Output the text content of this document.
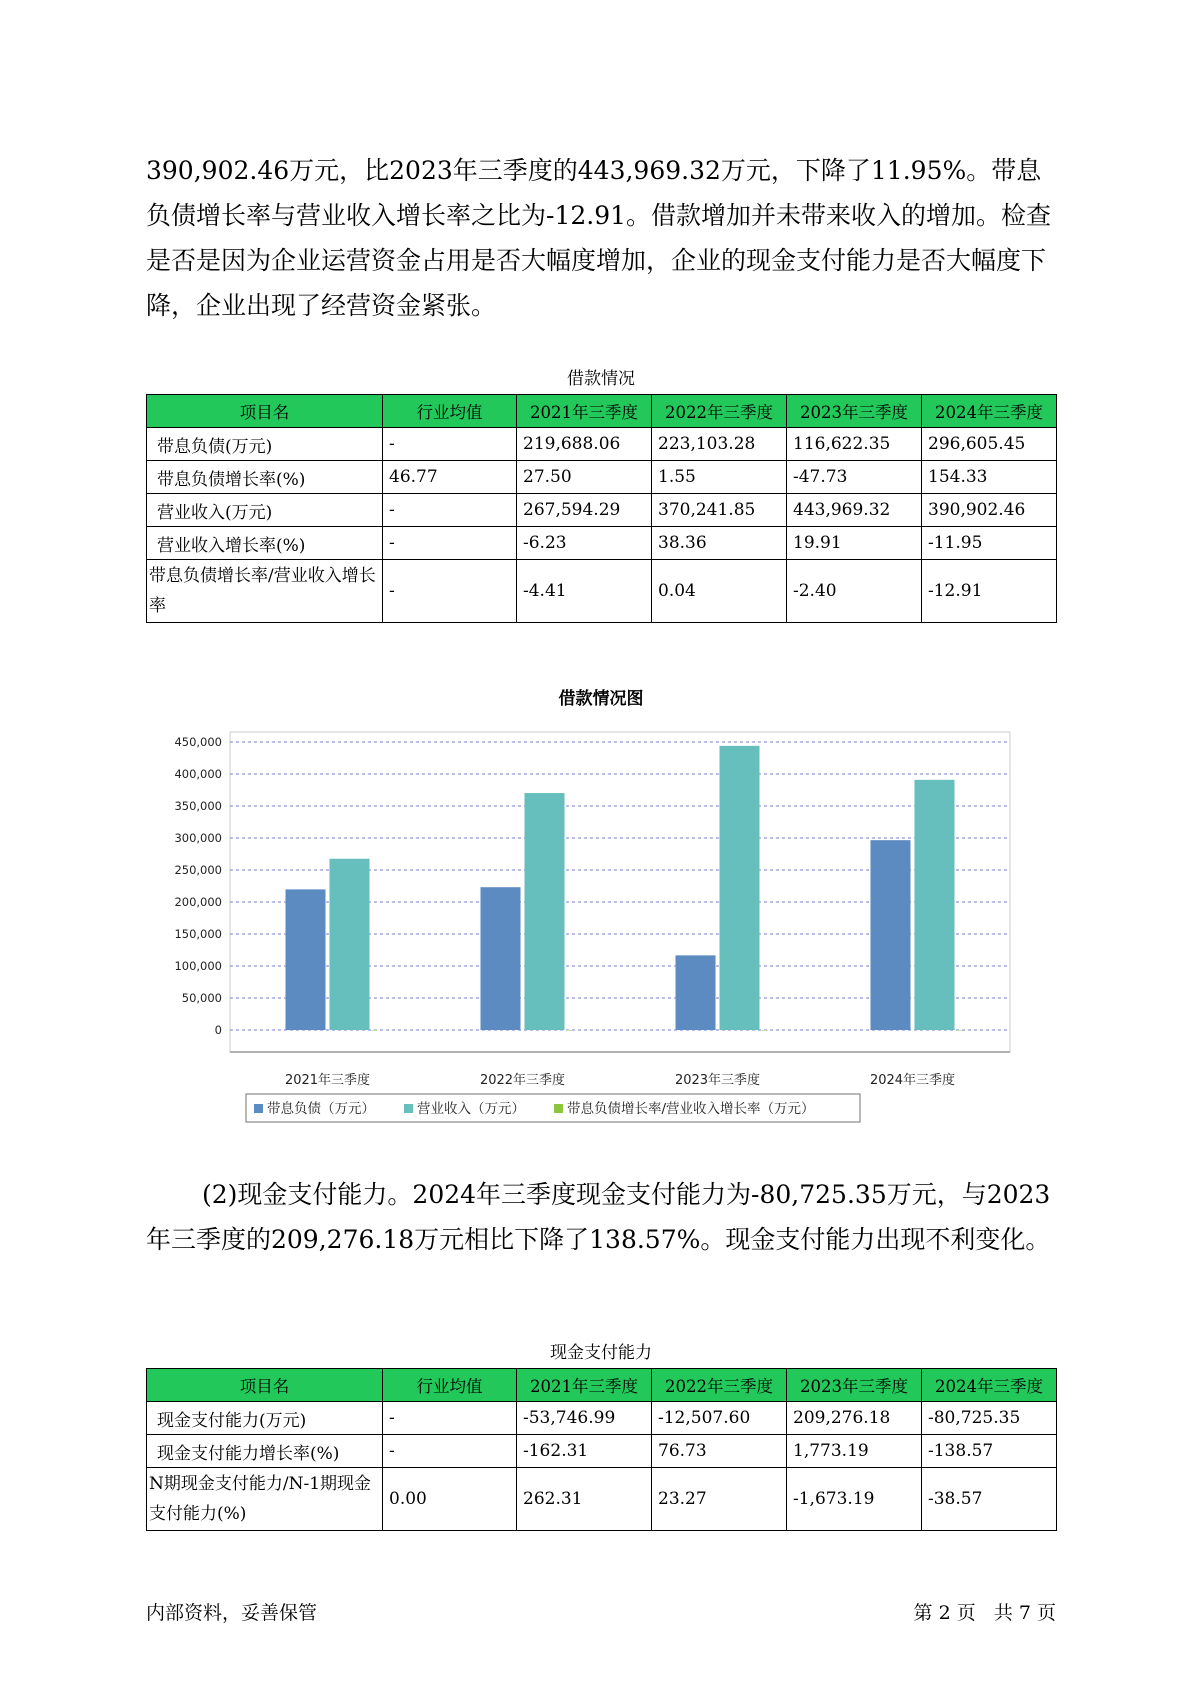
390,902.46万元，比2023年三季度的443,969.32万元，下降了11.95%。带息负债增长率与营业收入增长率之比为-12.91。借款增加并未带来收入的增加。检查是否是因为企业运营资金占用是否大幅度增加，企业的现金支付能力是否大幅度下降，企业出现了经营资金紧张。

借款情况
项目名	行业均值	2021年三季度	2022年三季度	2023年三季度	2024年三季度
带息负债(万元)	-	219,688.06	223,103.28	116,622.35	296,605.45
带息负债增长率(%)	46.77	27.50	1.55	-47.73	154.33
营业收入(万元)	-	267,594.29	370,241.85	443,969.32	390,902.46
营业收入增长率(%)	-	-6.23	38.36	19.91	-11.95
带息负债增长率/营业收入增长率	-	-4.41	0.04	-2.40	-12.91
借款情况图
0
50,000
100,000
150,000
200,000
250,000
300,000
350,000
400,000
450,000
2021年三季度	2022年三季度	2023年三季度	2024年三季度
带息负债（万元）	营业收入（万元）	带息负债增长率/营业收入增长率（万元）

(2)现金支付能力。2024年三季度现金支付能力为-80,725.35万元，与2023年三季度的209,276.18万元相比下降了138.57%。现金支付能力出现不利变化。

现金支付能力
项目名	行业均值	2021年三季度	2022年三季度	2023年三季度	2024年三季度
现金支付能力(万元)	-	-53,746.99	-12,507.60	209,276.18	-80,725.35
现金支付能力增长率(%)	-	-162.31	76.73	1,773.19	-138.57
N期现金支付能力/N-1期现金支付能力(%)	0.00	262.31	23.27	-1,673.19	-38.57
内部资料，妥善保管	第 2 页   共 7 页
